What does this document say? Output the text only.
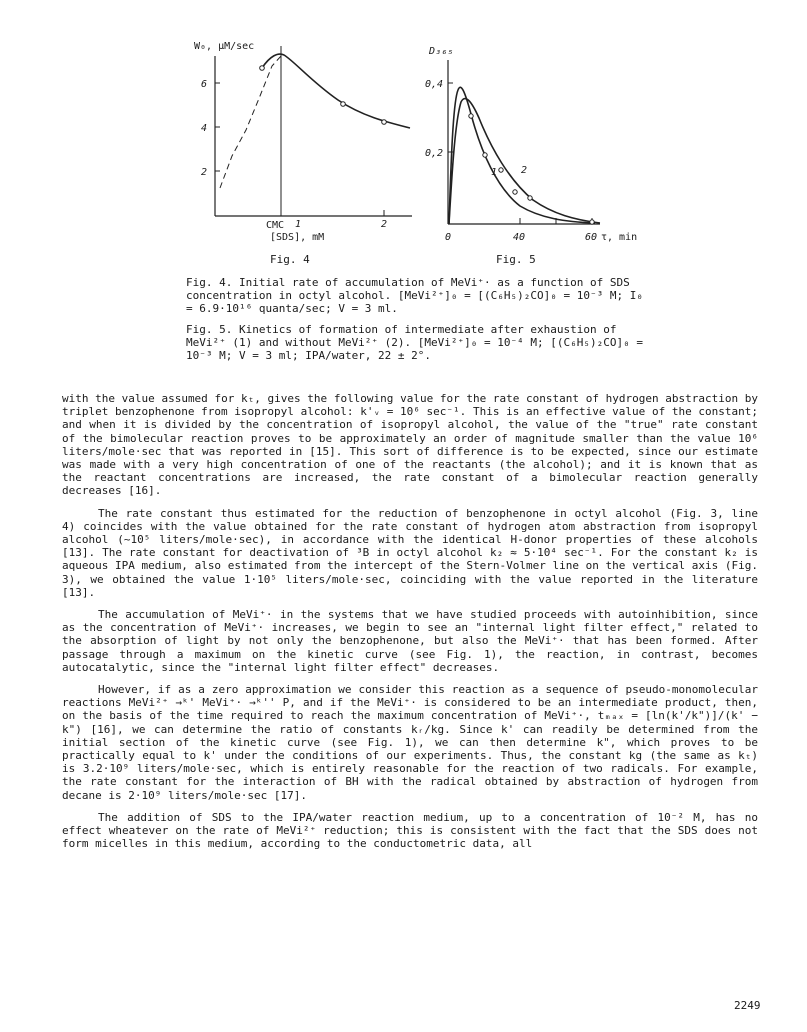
W₀, μM/sec
2
4
6
CMC 1	2
[SDS], mM
D₃₆₅
0,2
0,4
1 2
0	40	60 τ, min
Fig. 4	Fig. 5

Fig. 4. Initial rate of accumulation of MeVi⁺· as a function of SDS concentration in octyl alcohol. [MeVi²⁺]₀ = [(C₆H₅)₂CO]₀ = 10⁻³ M; I₀ = 6.9·10¹⁶ quanta/sec; V = 3 ml.

Fig. 5. Kinetics of formation of intermediate after exhaustion of MeVi²⁺ (1) and without MeVi²⁺ (2). [MeVi²⁺]₀ = 10⁻⁴ M; [(C₆H₅)₂CO]₀ = 10⁻³ M; V = 3 ml; IPA/water, 22 ± 2°.

with the value assumed for kₜ, gives the following value for the rate constant of hydrogen abstraction by triplet benzophenone from isopropyl alcohol: k'ᵥ = 10⁶ sec⁻¹. This is an effective value of the constant; and when it is divided by the concentration of isopropyl alcohol, the value of the "true" rate constant of the bimolecular reaction proves to be approximately an order of magnitude smaller than the value 10⁶ liters/mole·sec that was reported in [15]. This sort of difference is to be expected, since our estimate was made with a very high concentration of one of the reactants (the alcohol); and it is known that as the reactant concentrations are increased, the rate constant of a bimolecular reaction generally decreases [16].

The rate constant thus estimated for the reduction of benzophenone in octyl alcohol (Fig. 3, line 4) coincides with the value obtained for the rate constant of hydrogen atom abstraction from isopropyl alcohol (~10⁵ liters/mole·sec), in accordance with the identical H-donor properties of these alcohols [13]. The rate constant for deactivation of ³B in octyl alcohol k₂ ≈ 5·10⁴ sec⁻¹. For the constant k₂ is aqueous IPA medium, also estimated from the intercept of the Stern-Volmer line on the vertical axis (Fig. 3), we obtained the value 1·10⁵ liters/mole·sec, coinciding with the value reported in the literature [13].

The accumulation of MeVi⁺· in the systems that we have studied proceeds with autoinhibition, since as the concentration of MeVi⁺· increases, we begin to see an "internal light filter effect," related to the absorption of light by not only the benzophenone, but also the MeVi⁺· that has been formed. After passage through a maximum on the kinetic curve (see Fig. 1), the reaction, in contrast, becomes autocatalytic, since the "internal light filter effect" decreases.

However, if as a zero approximation we consider this reaction as a sequence of pseudo-monomolecular reactions MeVi²⁺ →ᵏ' MeVi⁺· →ᵏ'' P, and if the MeVi⁺· is considered to be an intermediate product, then, on the basis of the time required to reach the maximum concentration of MeVi⁺·, tₘₐₓ = [ln(k'/k")]/(k' − k") [16], we can determine the ratio of constants kᵣ/kg. Since k' can readily be determined from the initial section of the kinetic curve (see Fig. 1), we can then determine k", which proves to be practically equal to k' under the conditions of our experiments. Thus, the constant kg (the same as kₜ) is 3.2·10⁹ liters/mole·sec, which is entirely reasonable for the reaction of two radicals. For example, the rate constant for the interaction of BH with the radical obtained by abstraction of hydrogen from decane is 2·10⁹ liters/mole·sec [17].

The addition of SDS to the IPA/water reaction medium, up to a concentration of 10⁻² M, has no effect wheatever on the rate of MeVi²⁺ reduction; this is consistent with the fact that the SDS does not form micelles in this medium, according to the conductometric data, all

2249
